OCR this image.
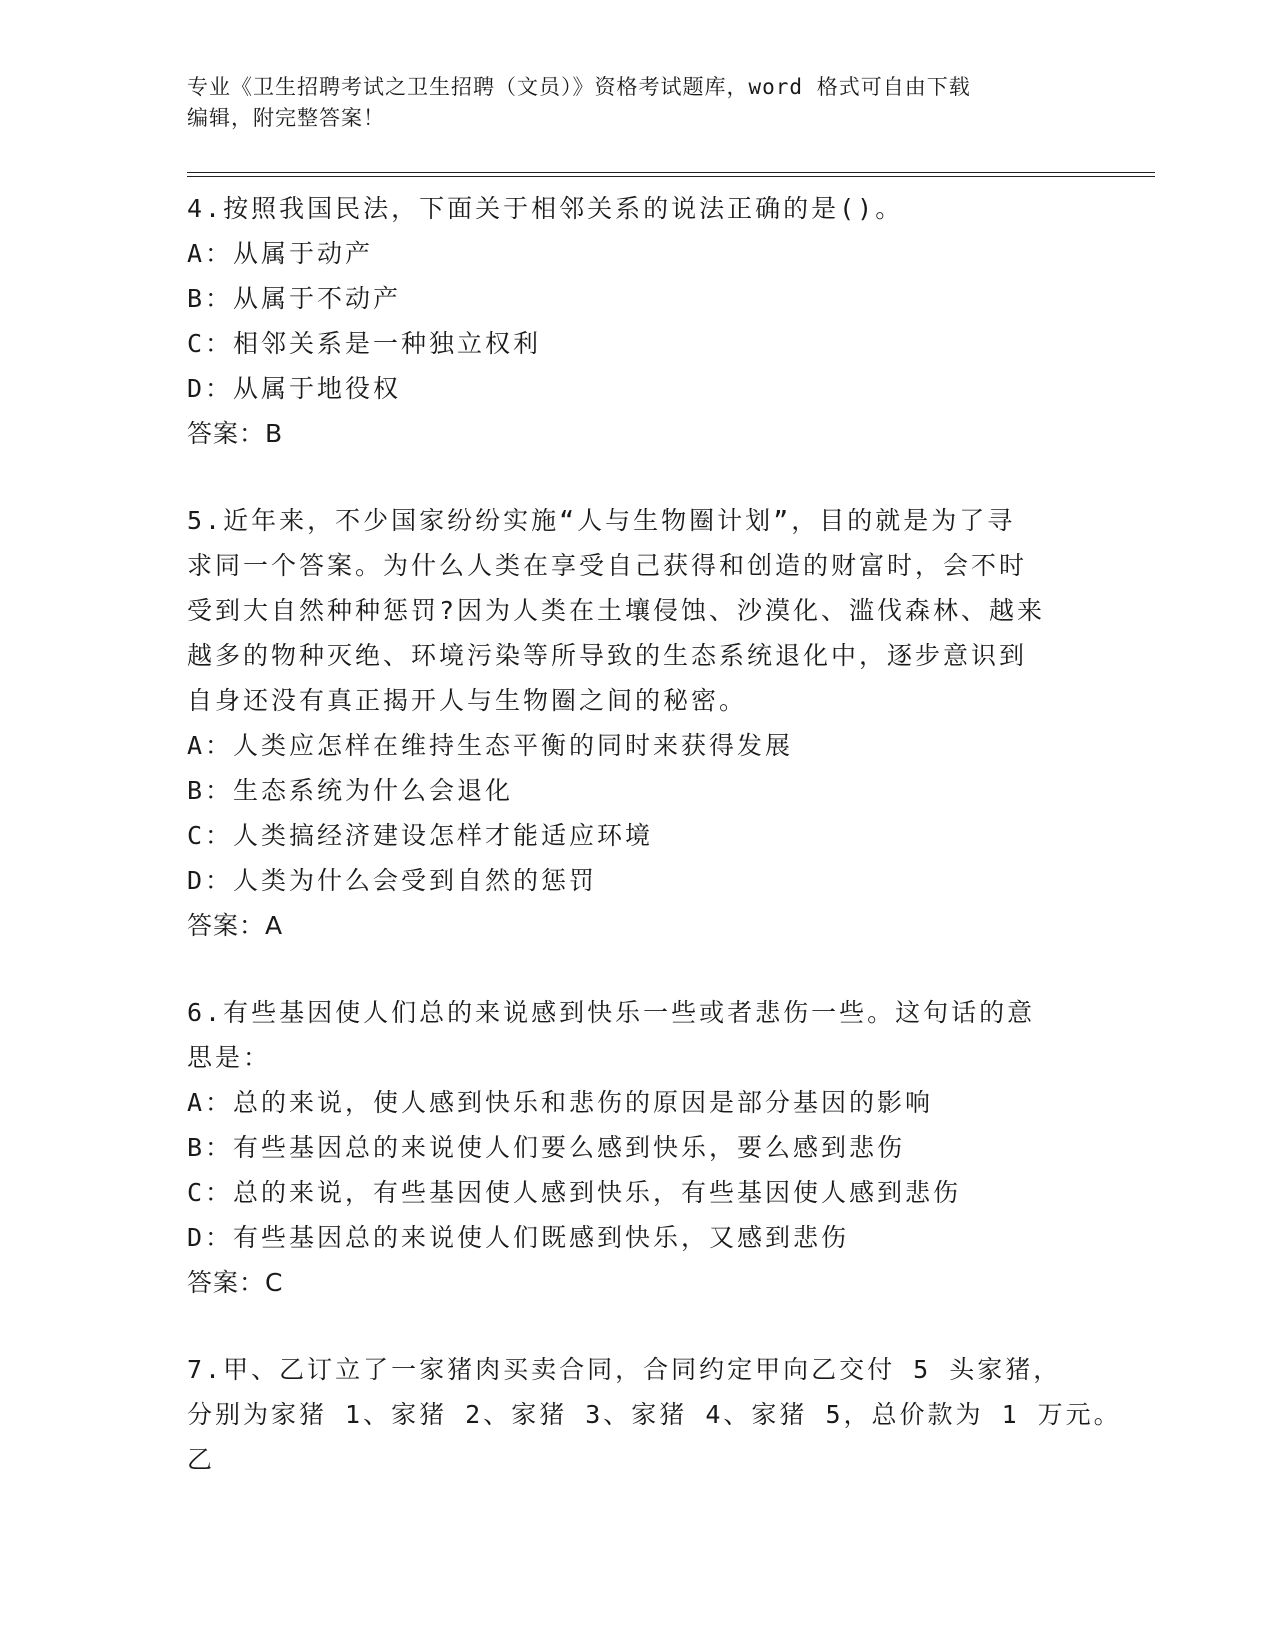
专业《卫生招聘考试之卫生招聘（文员）》资格考试题库，word 格式可自由下载

编辑，附完整答案！

4.按照我国民法，下面关于相邻关系的说法正确的是()。

A：从属于动产

B：从属于不动产

C：相邻关系是一种独立权利

D：从属于地役权

答案：B

5.近年来，不少国家纷纷实施“人与生物圈计划”，目的就是为了寻

求同一个答案。为什么人类在享受自己获得和创造的财富时，会不时

受到大自然种种惩罚?因为人类在土壤侵蚀、沙漠化、滥伐森林、越来

越多的物种灭绝、环境污染等所导致的生态系统退化中，逐步意识到

自身还没有真正揭开人与生物圈之间的秘密。

A：人类应怎样在维持生态平衡的同时来获得发展

B：生态系统为什么会退化

C：人类搞经济建设怎样才能适应环境

D：人类为什么会受到自然的惩罚

答案：A

6.有些基因使人们总的来说感到快乐一些或者悲伤一些。这句话的意

思是：

A：总的来说，使人感到快乐和悲伤的原因是部分基因的影响

B：有些基因总的来说使人们要么感到快乐，要么感到悲伤

C：总的来说，有些基因使人感到快乐，有些基因使人感到悲伤

D：有些基因总的来说使人们既感到快乐，又感到悲伤

答案：C

7.甲、乙订立了一家猪肉买卖合同，合同约定甲向乙交付 5 头家猪，

分别为家猪 1、家猪 2、家猪 3、家猪 4、家猪 5，总价款为 1 万元。乙
